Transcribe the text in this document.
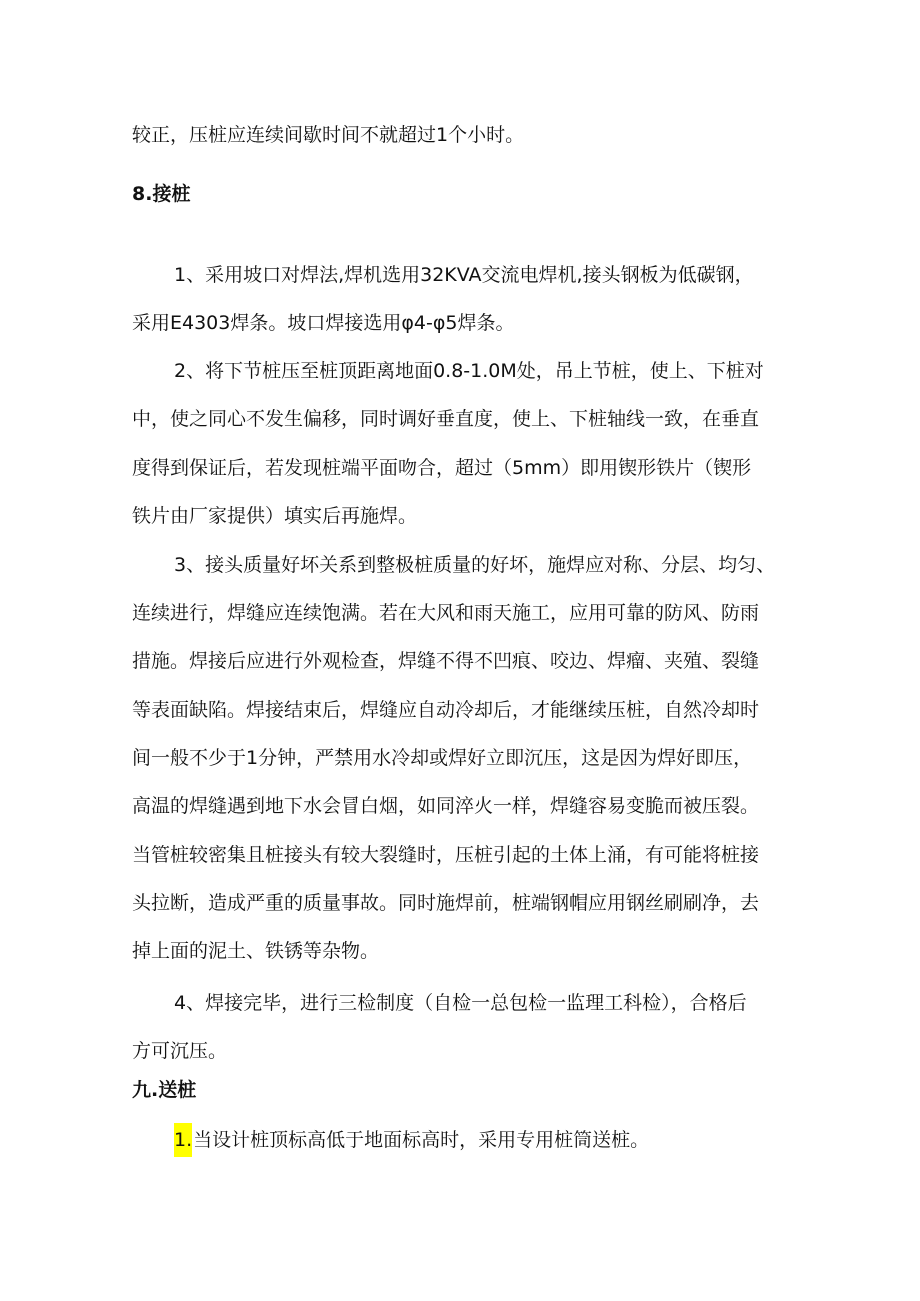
较正，压桩应连续间歇时间不就超过1个小时。

8.接桩

1、采用坡口对焊法,焊机选用32KVA交流电焊机,接头钢板为低碳钢，

采用E4303焊条。坡口焊接选用φ4-φ5焊条。

2、将下节桩压至桩顶距离地面0.8-1.0M处，吊上节桩，使上、下桩对

中，使之同心不发生偏移，同时调好垂直度，使上、下桩轴线一致，在垂直

度得到保证后，若发现桩端平面吻合，超过（5mm）即用锲形铁片（锲形

铁片由厂家提供）填实后再施焊。

3、接头质量好坏关系到整极桩质量的好坏，施焊应对称、分层、均匀、

连续进行，焊缝应连续饱满。若在大风和雨天施工，应用可靠的防风、防雨

措施。焊接后应进行外观检查，焊缝不得不凹痕、咬边、焊瘤、夹殖、裂缝

等表面缺陷。焊接结束后，焊缝应自动冷却后，才能继续压桩，自然冷却时

间一般不少于1分钟，严禁用水冷却或焊好立即沉压，这是因为焊好即压，

高温的焊缝遇到地下水会冒白烟，如同淬火一样，焊缝容易变脆而被压裂。

当管桩较密集且桩接头有较大裂缝时，压桩引起的土体上涌，有可能将桩接

头拉断，造成严重的质量事故。同时施焊前，桩端钢帽应用钢丝刷刷净，去

掉上面的泥土、铁锈等杂物。

4、焊接完毕，进行三检制度（自检一总包检一监理工科检），合格后

方可沉压。

九.送桩

1.当设计桩顶标高低于地面标高时，采用专用桩筒送桩。
